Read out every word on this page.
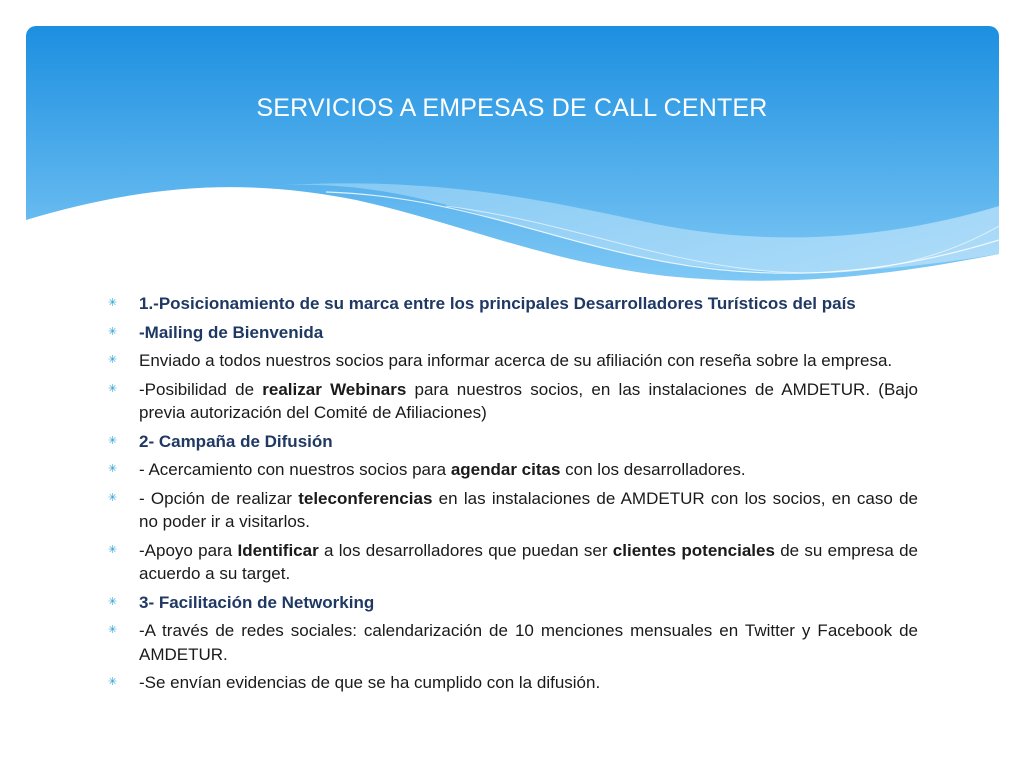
SERVICIOS A EMPESAS DE CALL CENTER
✳ 1.-Posicionamiento de su marca entre los principales Desarrolladores Turísticos del país
✳ -Mailing de Bienvenida
✳ Enviado a todos nuestros socios para informar acerca de su afiliación con reseña sobre la empresa.
✳ -Posibilidad de realizar Webinars para nuestros socios, en las instalaciones de AMDETUR. (Bajo previa autorización del Comité de Afiliaciones)
✳ 2- Campaña de Difusión
✳ - Acercamiento con nuestros socios para agendar citas con los desarrolladores.
✳ - Opción de realizar teleconferencias en las instalaciones de AMDETUR con los socios, en caso de no poder ir a visitarlos.
✳ -Apoyo para Identificar a los desarrolladores que puedan ser clientes potenciales de su empresa de acuerdo a su target.
✳ 3- Facilitación de Networking
✳ -A través de redes sociales: calendarización de 10 menciones mensuales en Twitter y Facebook de AMDETUR.
✳ -Se envían evidencias de que se ha cumplido con la difusión.
